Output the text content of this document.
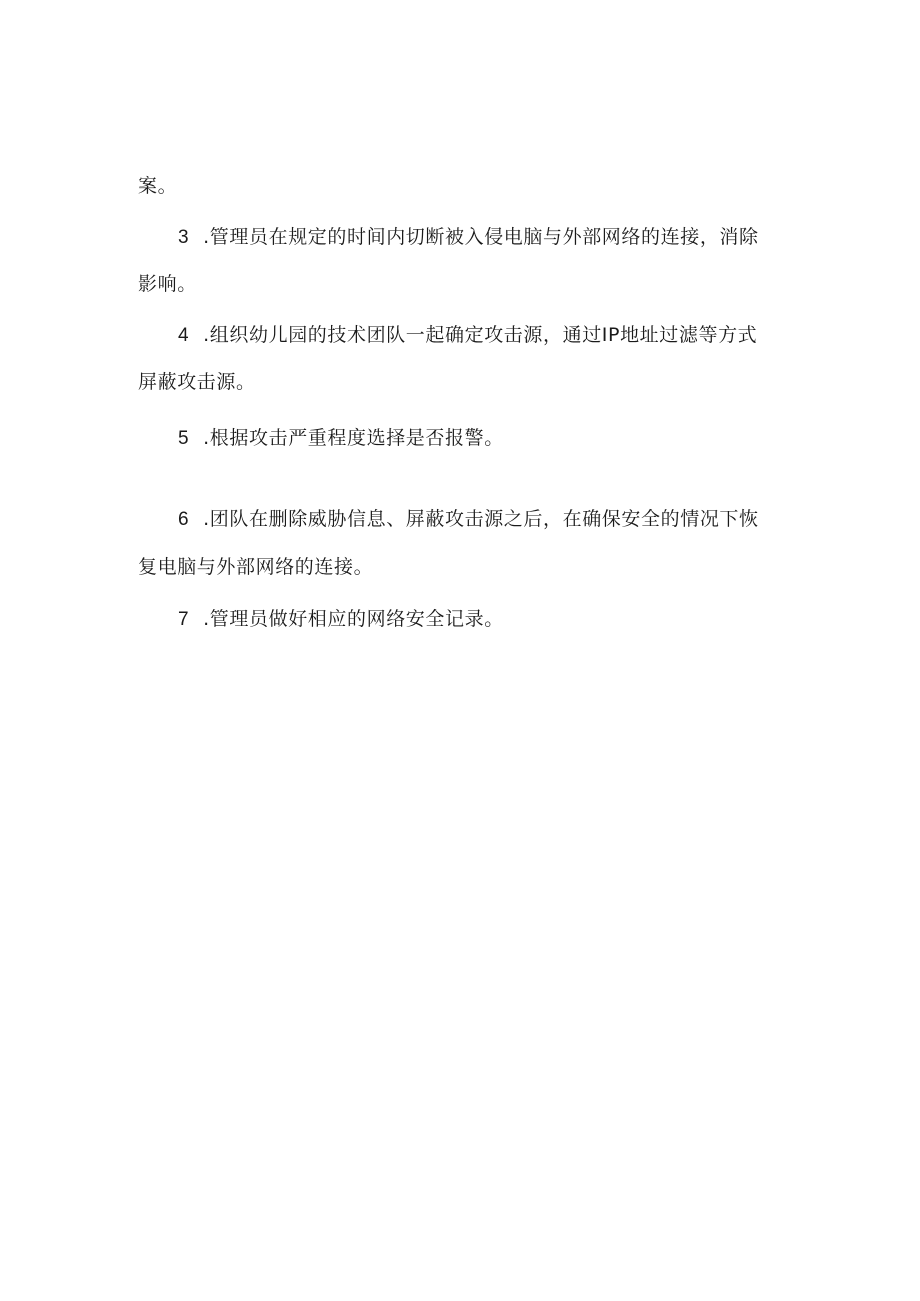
案。
3 .管理员在规定的时间内切断被入侵电脑与外部网络的连接，消除
影响。
4 .组织幼儿园的技术团队一起确定攻击源，通过IP地址过滤等方式
屏蔽攻击源。
5 .根据攻击严重程度选择是否报警。
6 .团队在删除威胁信息、屏蔽攻击源之后，在确保安全的情况下恢
复电脑与外部网络的连接。
7 .管理员做好相应的网络安全记录。
